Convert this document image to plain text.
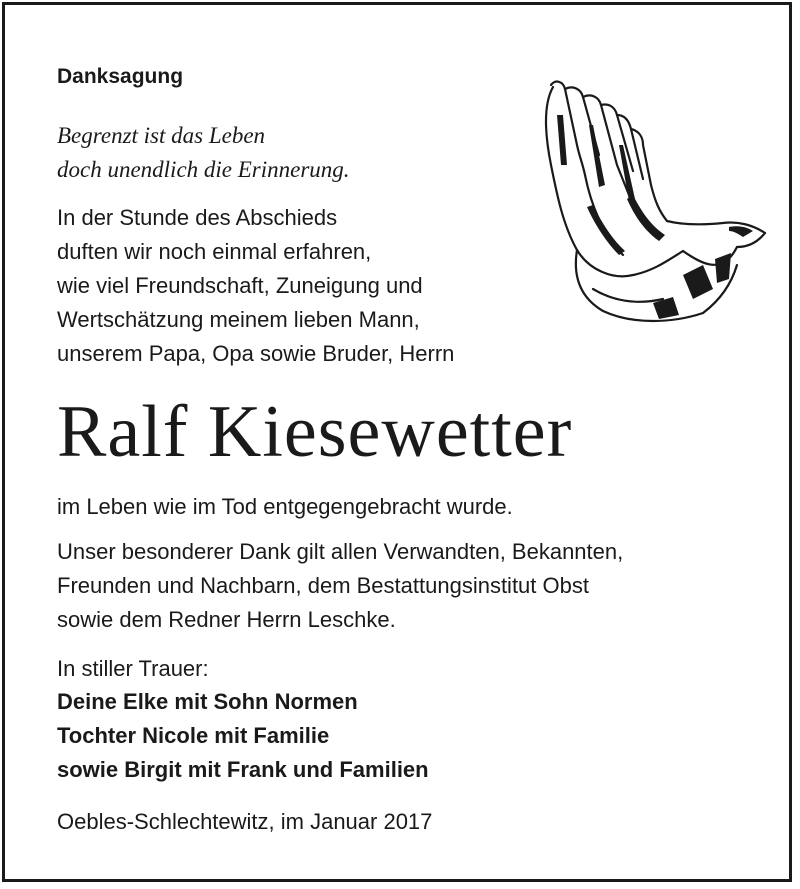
Danksagung
Begrenzt ist das Leben
doch unendlich die Erinnerung.
In der Stunde des Abschieds
duften wir noch einmal erfahren,
wie viel Freundschaft, Zuneigung und
Wertschätzung meinem lieben Mann,
unserem Papa, Opa sowie Bruder, Herrn
Ralf Kiesewetter
im Leben wie im Tod entgegengebracht wurde.
Unser besonderer Dank gilt allen Verwandten, Bekannten,
Freunden und Nachbarn, dem Bestattungsinstitut Obst
sowie dem Redner Herrn Leschke.
In stiller Trauer:
Deine Elke mit Sohn Normen
Tochter Nicole mit Familie
sowie Birgit mit Frank und Familien
Oebles-Schlechtewitz, im Januar 2017
